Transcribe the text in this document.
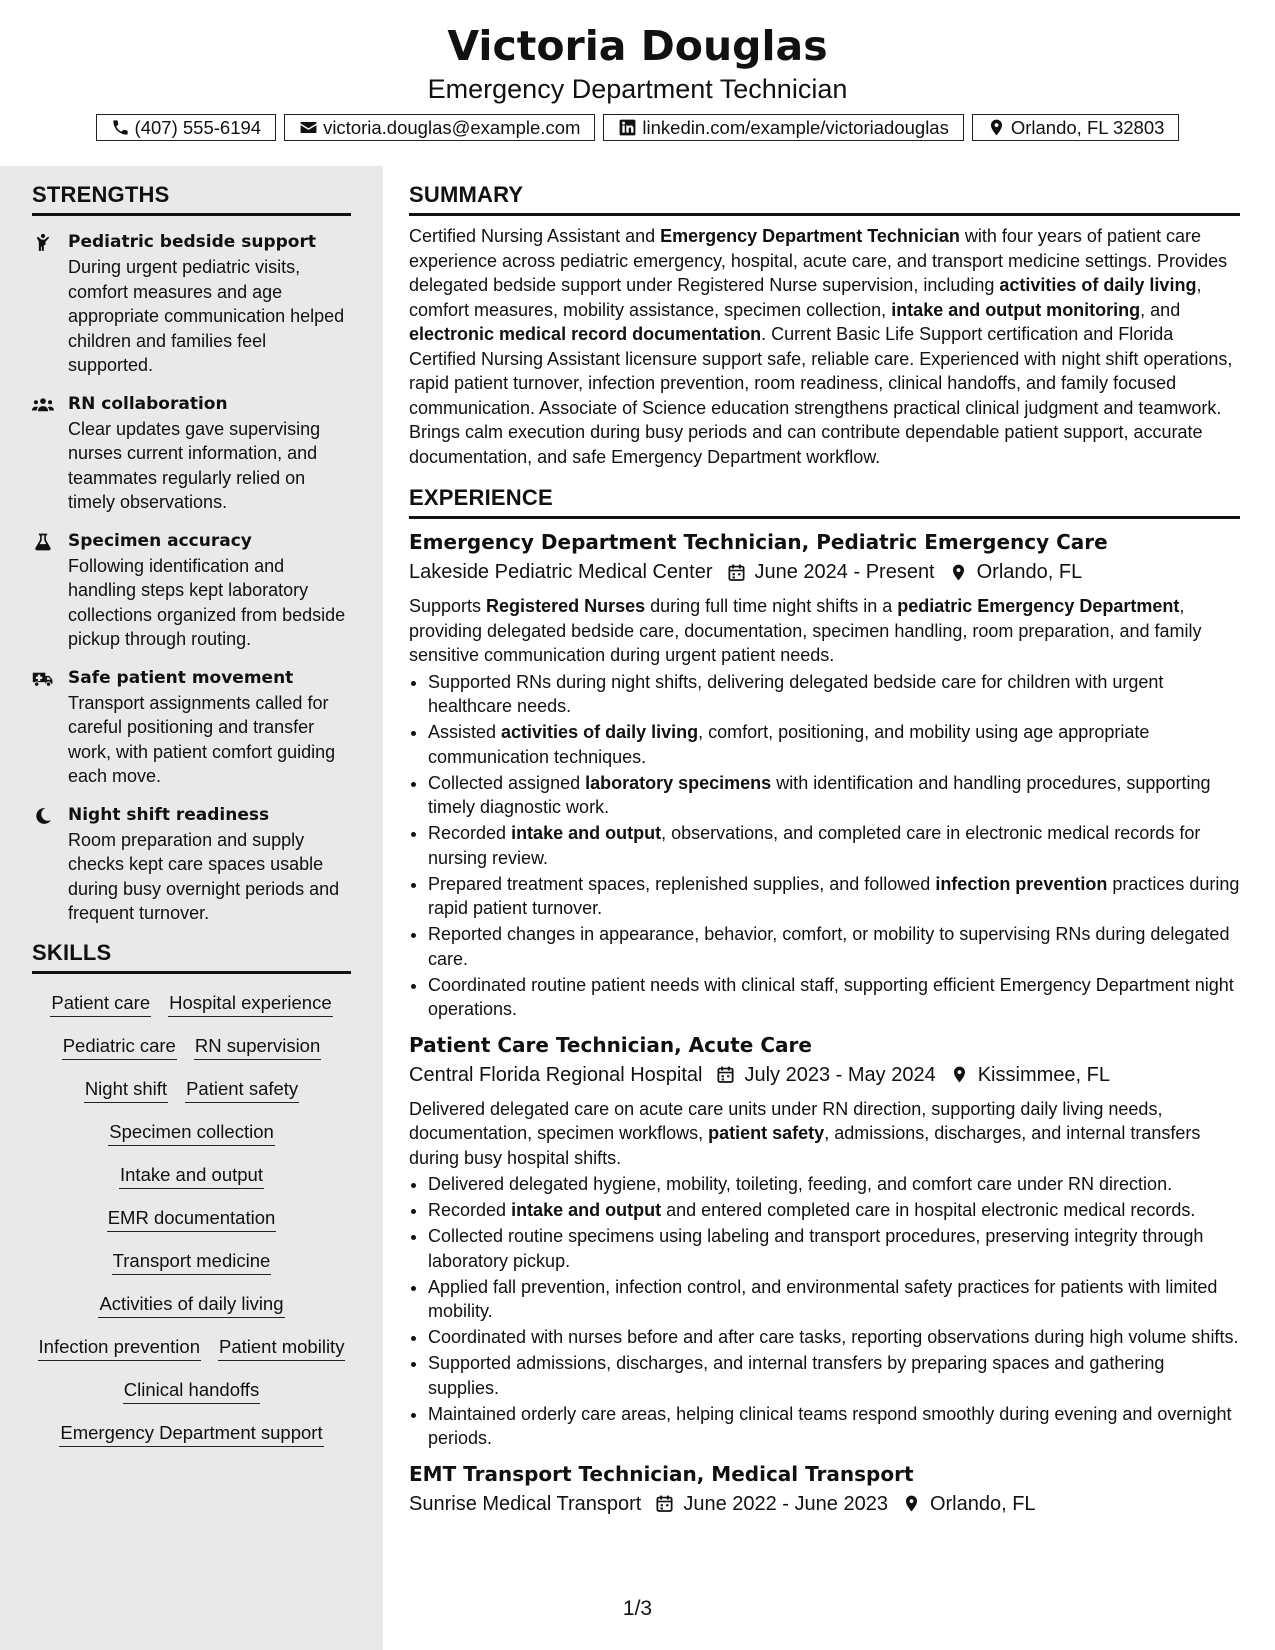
Victoria Douglas
Emergency Department Technician
(407) 555-6194	victoria.douglas@example.com	linkedin.com/example/victoriadouglas	Orlando, FL 32803
STRENGTHS
Pediatric bedside support
During urgent pediatric visits, comfort measures and age appropriate communication helped children and families feel supported.
RN collaboration
Clear updates gave supervising nurses current information, and teammates regularly relied on timely observations.
Specimen accuracy
Following identification and handling steps kept laboratory collections organized from bedside pickup through routing.
Safe patient movement
Transport assignments called for careful positioning and transfer work, with patient comfort guiding each move.
Night shift readiness
Room preparation and supply checks kept care spaces usable during busy overnight periods and frequent turnover.
SKILLS
Patient care Hospital experience
Pediatric care RN supervision
Night shift Patient safety
Specimen collection
Intake and output
EMR documentation
Transport medicine
Activities of daily living
Infection prevention Patient mobility
Clinical handoffs
Emergency Department support
SUMMARY

Certified Nursing Assistant and Emergency Department Technician with four years of patient care experience across pediatric emergency, hospital, acute care, and transport medicine settings. Provides delegated bedside support under Registered Nurse supervision, including activities of daily living, comfort measures, mobility assistance, specimen collection, intake and output monitoring, and electronic medical record documentation. Current Basic Life Support certification and Florida Certified Nursing Assistant licensure support safe, reliable care. Experienced with night shift operations, rapid patient turnover, infection prevention, room readiness, clinical handoffs, and family focused communication. Associate of Science education strengthens practical clinical judgment and teamwork. Brings calm execution during busy periods and can contribute dependable patient support, accurate documentation, and safe Emergency Department workflow.

EXPERIENCE
Emergency Department Technician, Pediatric Emergency Care
Lakeside Pediatric Medical Center June 2024 - Present Orlando, FL
Supports Registered Nurses during full time night shifts in a pediatric Emergency Department, providing delegated bedside care, documentation, specimen handling, room preparation, and family sensitive communication during urgent patient needs.
• Supported RNs during night shifts, delivering delegated bedside care for children with urgent healthcare needs.
• Assisted activities of daily living, comfort, positioning, and mobility using age appropriate communication techniques.
• Collected assigned laboratory specimens with identification and handling procedures, supporting timely diagnostic work.
• Recorded intake and output, observations, and completed care in electronic medical records for nursing review.
• Prepared treatment spaces, replenished supplies, and followed infection prevention practices during rapid patient turnover.
• Reported changes in appearance, behavior, comfort, or mobility to supervising RNs during delegated care.
• Coordinated routine patient needs with clinical staff, supporting efficient Emergency Department night operations.
Patient Care Technician, Acute Care
Central Florida Regional Hospital July 2023 - May 2024 Kissimmee, FL
Delivered delegated care on acute care units under RN direction, supporting daily living needs, documentation, specimen workflows, patient safety, admissions, discharges, and internal transfers during busy hospital shifts.
• Delivered delegated hygiene, mobility, toileting, feeding, and comfort care under RN direction.
• Recorded intake and output and entered completed care in hospital electronic medical records.
• Collected routine specimens using labeling and transport procedures, preserving integrity through laboratory pickup.
• Applied fall prevention, infection control, and environmental safety practices for patients with limited mobility.
• Coordinated with nurses before and after care tasks, reporting observations during high volume shifts.
• Supported admissions, discharges, and internal transfers by preparing spaces and gathering supplies.
• Maintained orderly care areas, helping clinical teams respond smoothly during evening and overnight periods.
EMT Transport Technician, Medical Transport
Sunrise Medical Transport June 2022 - June 2023 Orlando, FL
1/3
